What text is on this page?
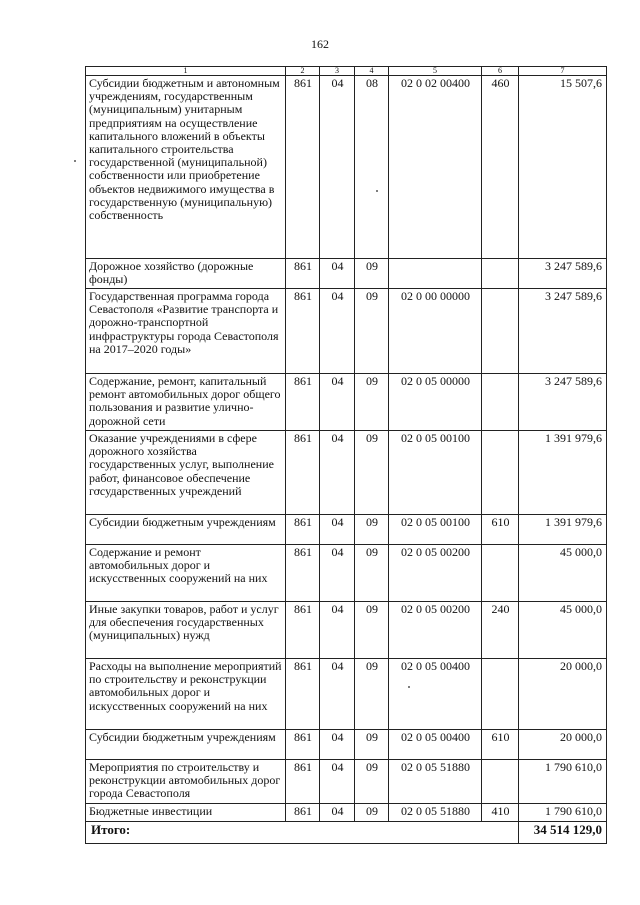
162
1	2	3	4	5	6	7
Субсидии бюджетным и автономным учреждениям, государственным (муниципальным) унитарным предприятиям на осуществление капитального вложений в объекты капитального строительства государственной (муниципальной) собственности или приобретение объектов недвижимого имущества в государственную (муниципальную) собственность	861	04	08	02 0 02 00400	460	15 507,6
Дорожное хозяйство (дорожные фонды)	861	04	09			3 247 589,6
Государственная программа города Севастополя «Развитие транспорта и дорожно-транспортной инфраструктуры города Севастополя на 2017–2020 годы»	861	04	09	02 0 00 00000		3 247 589,6
Содержание, ремонт, капитальный ремонт автомобильных дорог общего пользования и развитие улично-дорожной сети	861	04	09	02 0 05 00000		3 247 589,6
Оказание учреждениями в сфере дорожного хозяйства государственных услуг, выполнение работ, финансовое обеспечение государственных учреждений	861	04	09	02 0 05 00100		1 391 979,6
Субсидии бюджетным учреждениям	861	04	09	02 0 05 00100	610	1 391 979,6
Содержание и ремонт автомобильных дорог и искусственных сооружений на них	861	04	09	02 0 05 00200		45 000,0
Иные закупки товаров, работ и услуг для обеспечения государственных (муниципальных) нужд	861	04	09	02 0 05 00200	240	45 000,0
Расходы на выполнение мероприятий по строительству и реконструкции автомобильных дорог и искусственных сооружений на них	861	04	09	02 0 05 00400		20 000,0
Субсидии бюджетным учреждениям	861	04	09	02 0 05 00400	610	20 000,0
Мероприятия по строительству и реконструкции автомобильных дорог города Севастополя	861	04	09	02 0 05 51880		1 790 610,0
Бюджетные инвестиции	861	04	09	02 0 05 51880	410	1 790 610,0
Итого:						34 514 129,0
